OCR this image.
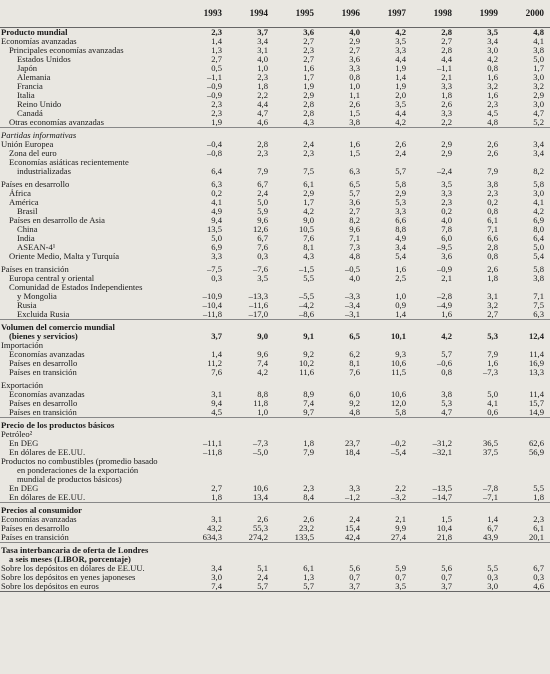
	1993	1994	1995	1996	1997	1998	1999	2000
Producto mundial	2,3	3,7	3,6	4,0	4,2	2,8	3,5	4,8
Economías avanzadas	1,4	3,4	2,7	2,9	3,5	2,7	3,4	4,1
Principales economías avanzadas	1,3	3,1	2,3	2,7	3,3	2,8	3,0	3,8
Estados Unidos	2,7	4,0	2,7	3,6	4,4	4,4	4,2	5,0
Japón	0,5	1,0	1,6	3,3	1,9	–1,1	0,8	1,7
Alemania	–1,1	2,3	1,7	0,8	1,4	2,1	1,6	3,0
Francia	–0,9	1,8	1,9	1,0	1,9	3,3	3,2	3,2
Italia	–0,9	2,2	2,9	1,1	2,0	1,8	1,6	2,9
Reino Unido	2,3	4,4	2,8	2,6	3,5	2,6	2,3	3,0
Canadá	2,3	4,7	2,8	1,5	4,4	3,3	4,5	4,7
Otras economías avanzadas	1,9	4,6	4,3	3,8	4,2	2,2	4,8	5,2
Partidas informativas								
Unión Europea	–0,4	2,8	2,4	1,6	2,6	2,9	2,6	3,4
Zona del euro	–0,8	2,3	2,3	1,5	2,4	2,9	2,6	3,4
Economías asiáticas recientemente								
industrializadas	6,4	7,9	7,5	6,3	5,7	–2,4	7,9	8,2
Países en desarrollo	6,3	6,7	6,1	6,5	5,8	3,5	3,8	5,8
África	0,2	2,4	2,9	5,7	2,9	3,3	2,3	3,0
América	4,1	5,0	1,7	3,6	5,3	2,3	0,2	4,1
Brasil	4,9	5,9	4,2	2,7	3,3	0,2	0,8	4,2
Países en desarrollo de Asia	9,4	9,6	9,0	8,2	6,6	4,0	6,1	6,9
China	13,5	12,6	10,5	9,6	8,8	7,8	7,1	8,0
India	5,0	6,7	7,6	7,1	4,9	6,0	6,6	6,4
ASEAN-4¹	6,9	7,6	8,1	7,3	3,4	–9,5	2,8	5,0
Oriente Medio, Malta y Turquía	3,3	0,3	4,3	4,8	5,4	3,6	0,8	5,4
Países en transición	–7,5	–7,6	–1,5	–0,5	1,6	–0,9	2,6	5,8
Europa central y oriental	0,3	3,5	5,5	4,0	2,5	2,1	1,8	3,8
Comunidad de Estados Independientes								
y Mongolia	–10,9	–13,3	–5,5	–3,3	1,0	–2,8	3,1	7,1
Rusia	–10,4	–11,6	–4,2	–3,4	0,9	–4,9	3,2	7,5
Excluida Rusia	–11,8	–17,0	–8,6	–3,1	1,4	1,6	2,7	6,3
Volumen del comercio mundial								
(bienes y servicios)	3,7	9,0	9,1	6,5	10,1	4,2	5,3	12,4
Importación								
Economías avanzadas	1,4	9,6	9,2	6,2	9,3	5,7	7,9	11,4
Países en desarrollo	11,2	7,4	10,2	8,1	10,6	–0,6	1,6	16,9
Países en transición	7,6	4,2	11,6	7,6	11,5	0,8	–7,3	13,3
Exportación								
Economías avanzadas	3,1	8,8	8,9	6,0	10,6	3,8	5,0	11,4
Países en desarrollo	9,4	11,8	7,4	9,2	12,0	5,3	4,1	15,7
Países en transición	4,5	1,0	9,7	4,8	5,8	4,7	0,6	14,9
Precio de los productos básicos								
Petróleo²								
En DEG	–11,1	–7,3	1,8	23,7	–0,2	–31,2	36,5	62,6
En dólares de EE.UU.	–11,8	–5,0	7,9	18,4	–5,4	–32,1	37,5	56,9
Productos no combustibles (promedio basado								
en ponderaciones de la exportación								
mundial de productos básicos)								
En DEG	2,7	10,6	2,3	3,3	2,2	–13,5	–7,8	5,5
En dólares de EE.UU.	1,8	13,4	8,4	–1,2	–3,2	–14,7	–7,1	1,8
Precios al consumidor								
Economías avanzadas	3,1	2,6	2,6	2,4	2,1	1,5	1,4	2,3
Países en desarrollo	43,2	55,3	23,2	15,4	9,9	10,4	6,7	6,1
Países en transición	634,3	274,2	133,5	42,4	27,4	21,8	43,9	20,1
Tasa interbancaria de oferta de Londres								
a seis meses (LIBOR, porcentaje)								
Sobre los depósitos en dólares de EE.UU.	3,4	5,1	6,1	5,6	5,9	5,6	5,5	6,7
Sobre los depósitos en yenes japoneses	3,0	2,4	1,3	0,7	0,7	0,7	0,3	0,3
Sobre los depósitos en euros	7,4	5,7	5,7	3,7	3,5	3,7	3,0	4,6
